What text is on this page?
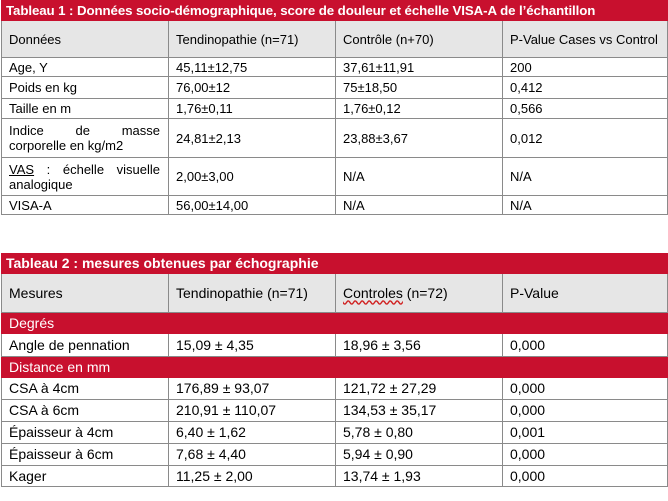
Tableau 1 : Données socio-démographique, score de douleur et échelle VISA-A de l’échantillon			
Données	Tendinopathie (n=71)	Contrôle (n+70)	P-Value Cases vs Control

Age, Y	45,11±12,75	37,61±11,91	200
Poids en kg	76,00±12	75±18,50	0,412
Taille en m	1,76±0,11	1,76±0,12	0,566

Indice de masse corporelle en kg/m2	24,81±2,13	23,88±3,67	0,012

VAS : échelle visuelle analogique	2,00±3,00	N/A	N/A
VISA-A	56,00±14,00	N/A	N/A
Tableau 2 : mesures obtenues par échographie			
Mesures	Tendinopathie (n=71)	Controles (n=72)	P-Value
Degrés			
Angle de pennation	15,09 ± 4,35	18,96 ± 3,56	0,000
Distance en mm			
CSA à 4cm	176,89 ± 93,07	121,72 ± 27,29	0,000
CSA à 6cm	210,91 ± 110,07	134,53 ± 35,17	0,000
Épaisseur à 4cm	6,40 ± 1,62	5,78 ± 0,80	0,001
Épaisseur à 6cm	7,68 ± 4,40	5,94 ± 0,90	0,000
Kager	11,25 ± 2,00	13,74 ± 1,93	0,000
